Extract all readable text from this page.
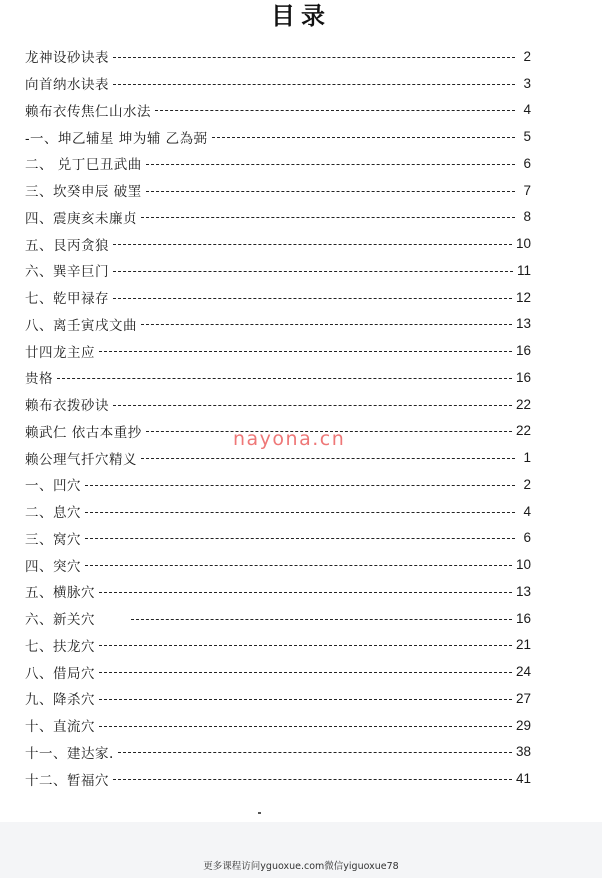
目录
龙神设砂诀表	2
向首纳水诀表	3
赖布衣传焦仁山水法	4
-一、坤乙辅星 坤为辅 乙為弼	5
二、 兑丁巳丑武曲	6
三、坎癸申辰 破罣	7
四、震庚亥未廉贞	8
五、艮丙贪狼	10
六、巽辛巨门	11
七、乾甲禄存	12
八、离壬寅戌文曲	13
廿四龙主应	16
贵格	16
赖布衣拨砂诀	22
赖武仁 依古本重抄	22
赖公理气扦穴精义	1
一、凹穴	2
二、息穴	4
三、窝穴	6
四、突穴	10
五、横脉穴	13
六、新关穴	16
七、扶龙穴	21
八、借局穴	24
九、降杀穴	27
十、直流穴	29
十一、建达家.	38
十二、暂福穴	41
nayona.cn
更多课程访问yguoxue.com微信yiguoxue78
